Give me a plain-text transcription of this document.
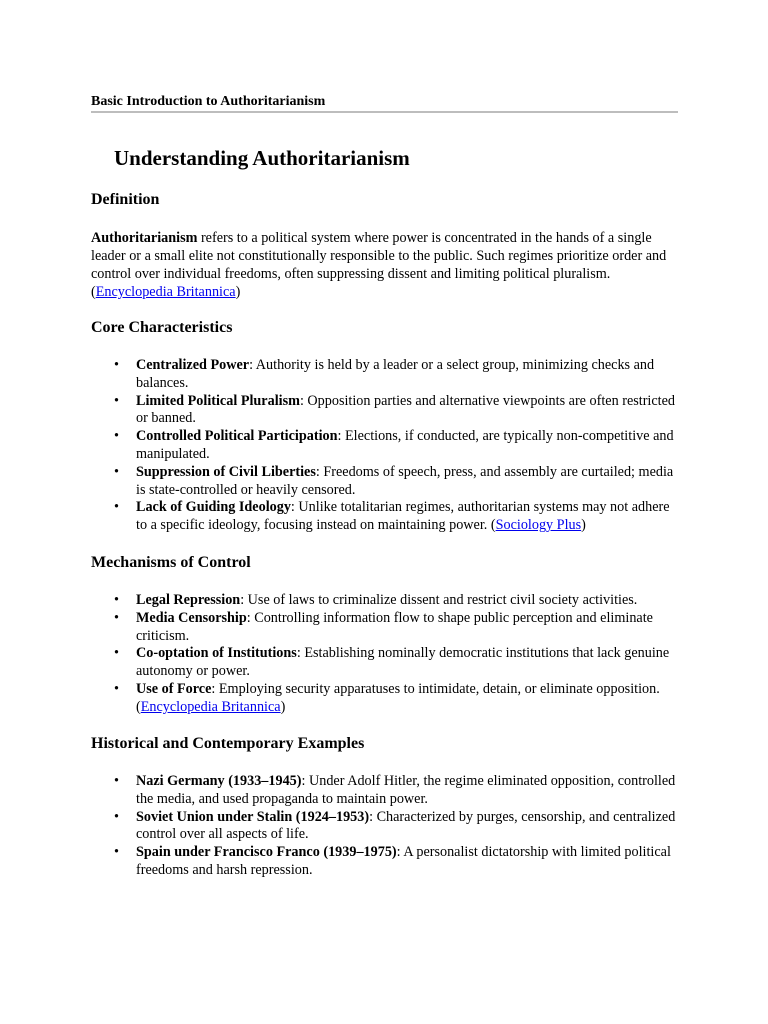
Basic Introduction to Authoritarianism
Understanding Authoritarianism
Definition

Authoritarianism refers to a political system where power is concentrated in the hands of a single leader or a small elite not constitutionally responsible to the public. Such regimes prioritize order and control over individual freedoms, often suppressing dissent and limiting political pluralism. (Encyclopedia Britannica)

Core Characteristics
• Centralized Power: Authority is held by a leader or a select group, minimizing checks and balances.
• Limited Political Pluralism: Opposition parties and alternative viewpoints are often restricted or banned.
• Controlled Political Participation: Elections, if conducted, are typically non-competitive and manipulated.
• Suppression of Civil Liberties: Freedoms of speech, press, and assembly are curtailed; media is state-controlled or heavily censored.
• Lack of Guiding Ideology: Unlike totalitarian regimes, authoritarian systems may not adhere to a specific ideology, focusing instead on maintaining power. (Sociology Plus)
Mechanisms of Control
• Legal Repression: Use of laws to criminalize dissent and restrict civil society activities.
• Media Censorship: Controlling information flow to shape public perception and eliminate criticism.
• Co-optation of Institutions: Establishing nominally democratic institutions that lack genuine autonomy or power.
• Use of Force: Employing security apparatuses to intimidate, detain, or eliminate opposition. (Encyclopedia Britannica)
Historical and Contemporary Examples
• Nazi Germany (1933–1945): Under Adolf Hitler, the regime eliminated opposition, controlled the media, and used propaganda to maintain power.
• Soviet Union under Stalin (1924–1953): Characterized by purges, censorship, and centralized control over all aspects of life.
• Spain under Francisco Franco (1939–1975): A personalist dictatorship with limited political freedoms and harsh repression.
